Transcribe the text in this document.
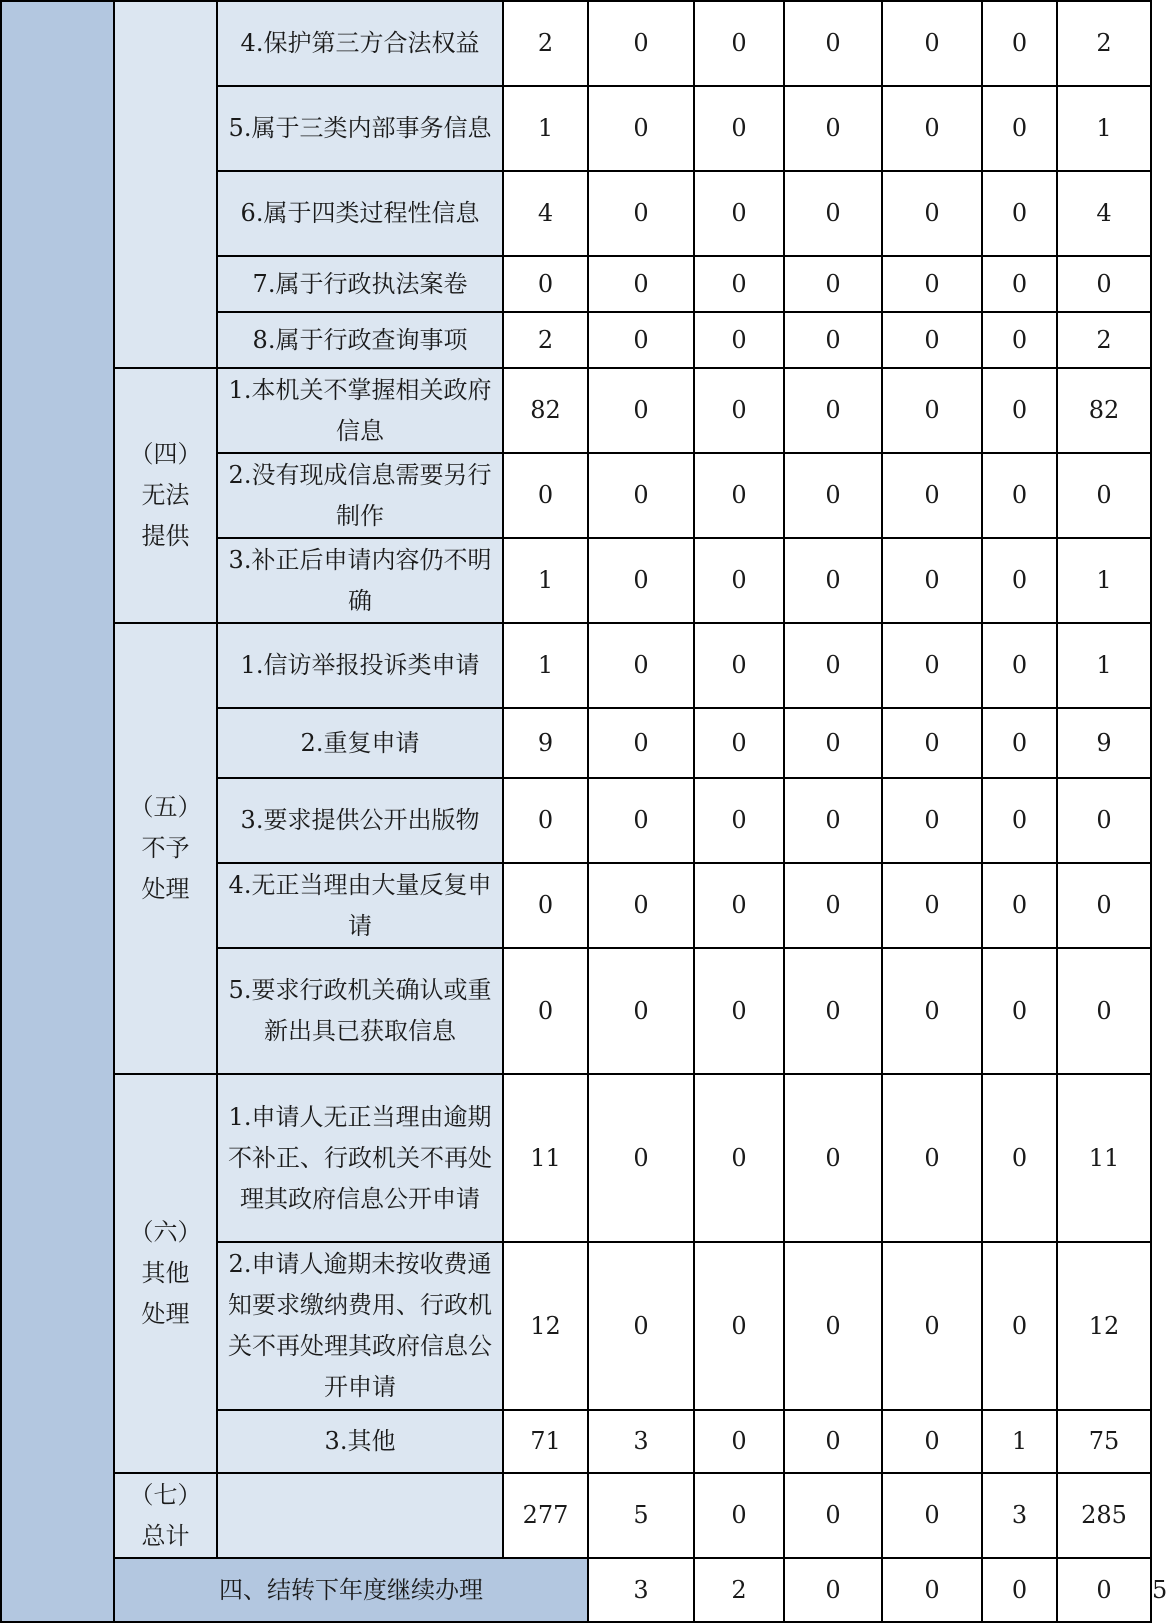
		4.保护第三方合法权益	2	0	0	0	0	0	2	
		5.属于三类内部事务信息	1	0	0	0	0	0	1	
		6.属于四类过程性信息	4	0	0	0	0	0	4	
		7.属于行政执法案卷	0	0	0	0	0	0	0	
		8.属于行政查询事项	2	0	0	0	0	0	2	

	（四）
无法
提供	1.本机关不掌握相关政府信息	82	0	0	0	0	0	82	
		2.没有现成信息需要另行制作	0	0	0	0	0	0	0	
		3.补正后申请内容仍不明确	1	0	0	0	0	0	1	

	（五）
不予
处理	1.信访举报投诉类申请	1	0	0	0	0	0	1	
		2.重复申请	9	0	0	0	0	0	9	
		3.要求提供公开出版物	0	0	0	0	0	0	0	
		4.无正当理由大量反复申请	0	0	0	0	0	0	0	
		5.要求行政机关确认或重新出具已获取信息	0	0	0	0	0	0	0	

	（六）
其他
处理	1.申请人无正当理由逾期不补正、行政机关不再处理其政府信息公开申请	11	0	0	0	0	0	11	
		2.申请人逾期未按收费通知要求缴纳费用、行政机关不再处理其政府信息公开申请	12	0	0	0	0	0	12	
		3.其他	71	3	0	0	0	1	75	

	（七）
总计		277	5	0	0	0	3	285	
	四、结转下年度继续办理			3	2	0	0	0	0	5
